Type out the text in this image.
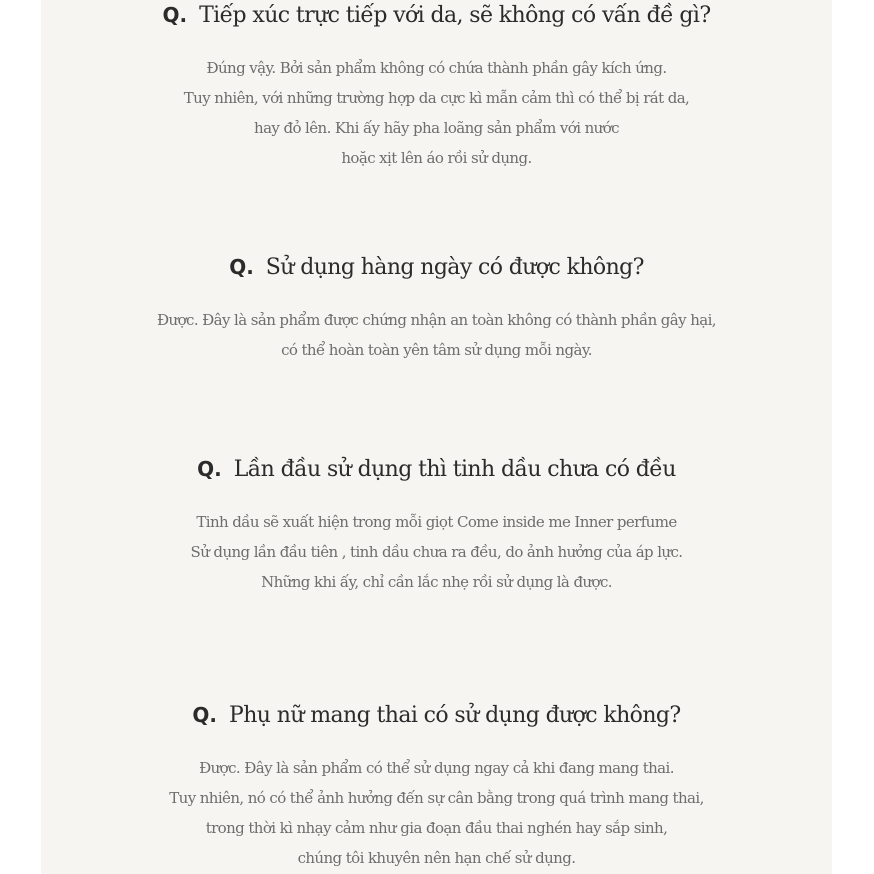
Q. Tiếp xúc trực tiếp với da, sẽ không có vấn đề gì?
Đúng vậy. Bởi sản phẩm không có chứa thành phần gây kích ứng.
Tuy nhiên, với những trường hợp da cực kì mẫn cảm thì có thể bị rát da,
hay đỏ lên. Khi ấy hãy pha loãng sản phẩm với nước
hoặc xịt lên áo rồi sử dụng.
Q. Sử dụng hàng ngày có được không?
Được. Đây là sản phẩm được chứng nhận an toàn không có thành phần gây hại,
có thể hoàn toàn yên tâm sử dụng mỗi ngày.
Q. Lần đầu sử dụng thì tinh dầu chưa có đều
Tinh dầu sẽ xuất hiện trong mỗi giọt Come inside me Inner perfume
Sử dụng lần đầu tiên , tinh dầu chưa ra đều, do ảnh hưởng của áp lực.
Những khi ấy, chỉ cần lắc nhẹ rồi sử dụng là được.
Q. Phụ nữ mang thai có sử dụng được không?
Được. Đây là sản phẩm có thể sử dụng ngay cả khi đang mang thai.
Tuy nhiên, nó có thể ảnh hưởng đến sự cân bằng trong quá trình mang thai,
trong thời kì nhạy cảm như gia đoạn đầu thai nghén hay sắp sinh,
chúng tôi khuyên nên hạn chế sử dụng.
